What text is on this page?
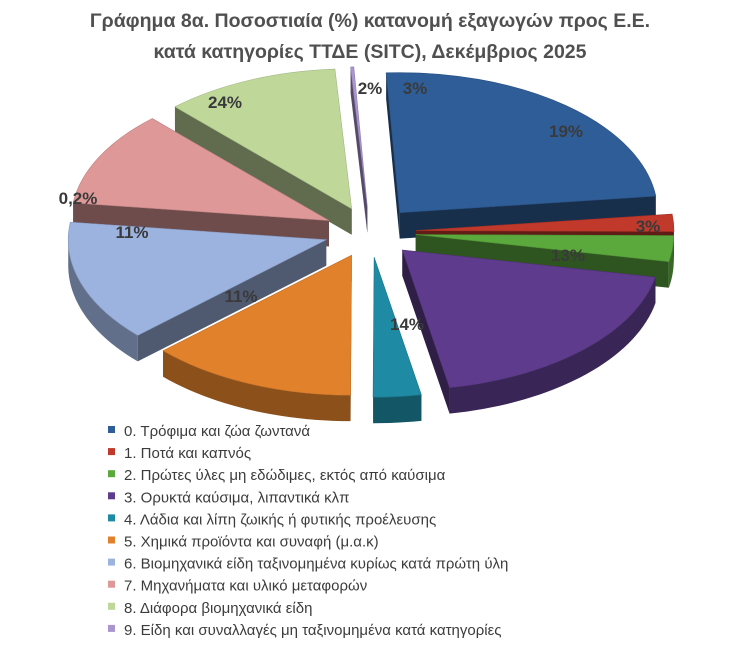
Γράφημα 8α. Ποσοστιαία (%) κατανομή εξαγωγών προς Ε.Ε.
κατά κατηγορίες ΤΤΔΕ (SITC), Δεκέμβριος 2025
24%
2% 3%
19%
3%
13%
14%
11%
11%
0,2%
0. Τρόφιμα και ζώα ζωντανά
1. Ποτά και καπνός
2. Πρώτες ύλες μη εδώδιμες, εκτός από καύσιμα
3. Ορυκτά καύσιμα, λιπαντικά κλπ
4. Λάδια και λίπη ζωικής ή φυτικής προέλευσης
5. Χημικά προϊόντα και συναφή (μ.α.κ)
6. Βιομηχανικά είδη ταξινομημένα κυρίως κατά πρώτη ύλη
7. Μηχανήματα και υλικό μεταφορών
8. Διάφορα βιομηχανικά είδη
9. Είδη και συναλλαγές μη ταξινομημένα κατά κατηγορίες
